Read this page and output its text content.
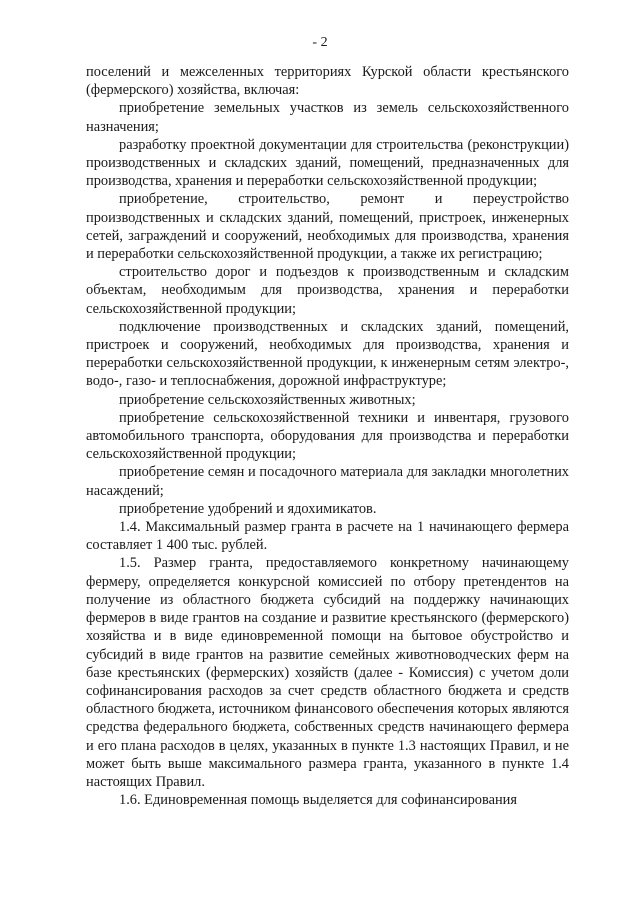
- 2

поселений и межселенных территориях Курской области крестьянского (фермерского) хозяйства, включая:

приобретение земельных участков из земель сельскохозяйственного назначения;

разработку проектной документации для строительства (реконструкции) производственных и складских зданий, помещений, предназначенных для производства, хранения и переработки сельскохозяйственной продукции;

приобретение, строительство, ремонт и переустройство производственных и складских зданий, помещений, пристроек, инженерных сетей, заграждений и сооружений, необходимых для производства, хранения и переработки сельскохозяйственной продукции, а также их регистрацию;

строительство дорог и подъездов к производственным и складским объектам, необходимым для производства, хранения и переработки сельскохозяйственной продукции;

подключение производственных и складских зданий, помещений, пристроек и сооружений, необходимых для производства, хранения и переработки сельскохозяйственной продукции, к инженерным сетям электро-, водо-, газо- и теплоснабжения, дорожной инфраструктуре;

приобретение сельскохозяйственных животных;

приобретение сельскохозяйственной техники и инвентаря, грузового автомобильного транспорта, оборудования для производства и переработки сельскохозяйственной продукции;

приобретение семян и посадочного материала для закладки многолетних насаждений;

приобретение удобрений и ядохимикатов.

1.4. Максимальный размер гранта в расчете на 1 начинающего фермера составляет 1 400 тыс. рублей.

1.5. Размер гранта, предоставляемого конкретному начинающему фермеру, определяется конкурсной комиссией по отбору претендентов на получение из областного бюджета субсидий на поддержку начинающих фермеров в виде грантов на создание и развитие крестьянского (фермерского) хозяйства и в виде единовременной помощи на бытовое обустройство и субсидий в виде грантов на развитие семейных животноводческих ферм на базе крестьянских (фермерских) хозяйств (далее - Комиссия) с учетом доли софинансирования расходов за счет средств областного бюджета и средств областного бюджета, источником финансового обеспечения которых являются средства федерального бюджета, собственных средств начинающего фермера и его плана расходов в целях, указанных в пункте 1.3 настоящих Правил, и не может быть выше максимального размера гранта, указанного в пункте 1.4 настоящих Правил.

1.6. Единовременная помощь выделяется для софинансирования
